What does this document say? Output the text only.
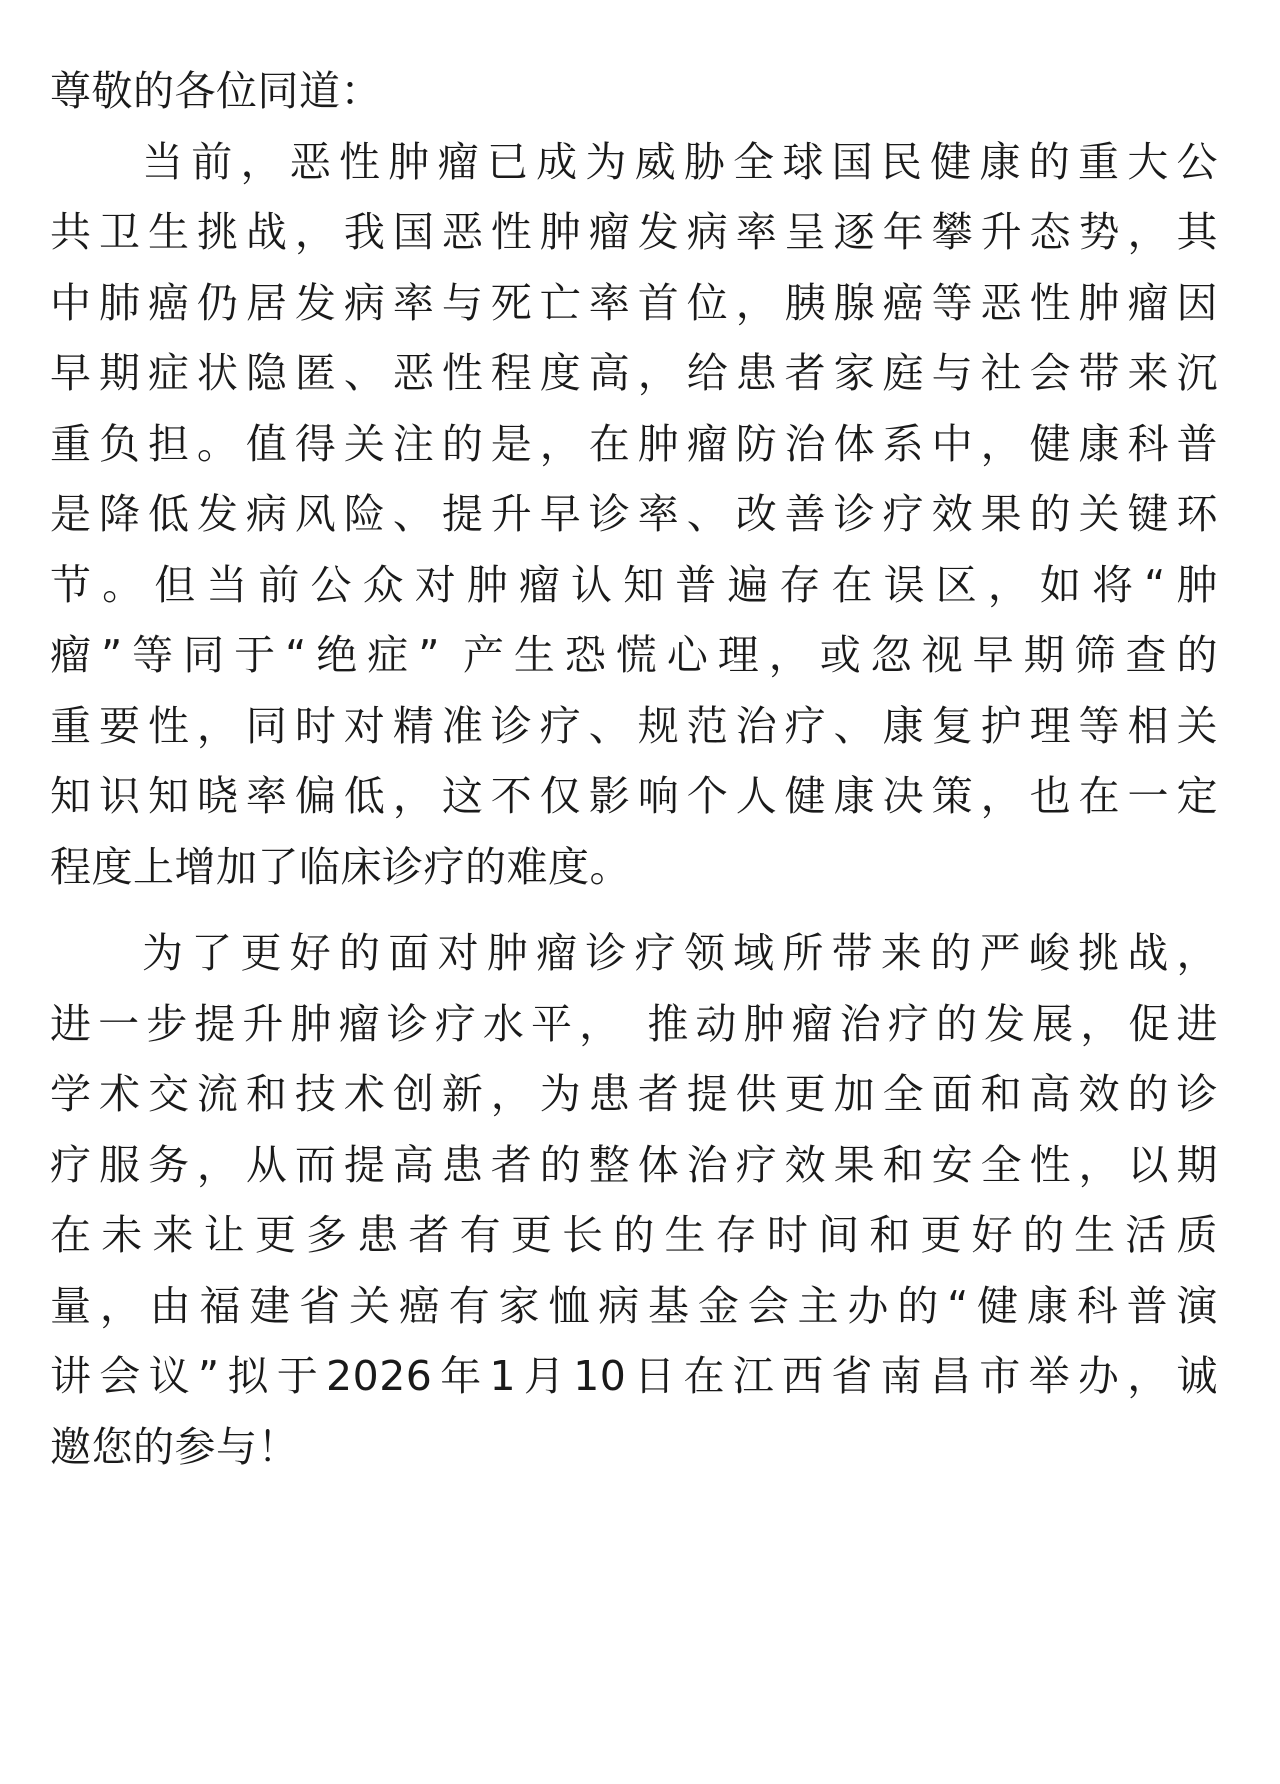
尊敬的各位同道：
当前，恶性肿瘤已成为威胁全球国民健康的重大公
共卫生挑战，我国恶性肿瘤发病率呈逐年攀升态势，其
中肺癌仍居发病率与死亡率首位，胰腺癌等恶性肿瘤因
早期症状隐匿、恶性程度高，给患者家庭与社会带来沉
重负担。值得关注的是，在肿瘤防治体系中，健康科普
是降低发病风险、提升早诊率、改善诊疗效果的关键环
节。但当前公众对肿瘤认知普遍存在误区，如将“肿
瘤”等同于“绝症” 产生恐慌心理，或忽视早期筛查的
重要性，同时对精准诊疗、规范治疗、康复护理等相关
知识知晓率偏低，这不仅影响个人健康决策，也在一定
程度上增加了临床诊疗的难度。
为了更好的面对肿瘤诊疗领域所带来的严峻挑战，
进一步提升肿瘤诊疗水平， 推动肿瘤治疗的发展，促进
学术交流和技术创新，为患者提供更加全面和高效的诊
疗服务，从而提高患者的整体治疗效果和安全性，以期
在未来让更多患者有更长的生存时间和更好的生活质
量，由福建省关癌有家恤病基金会主办的“健康科普演
讲会议”拟于2026年1月10日在江西省南昌市举办，诚
邀您的参与！
